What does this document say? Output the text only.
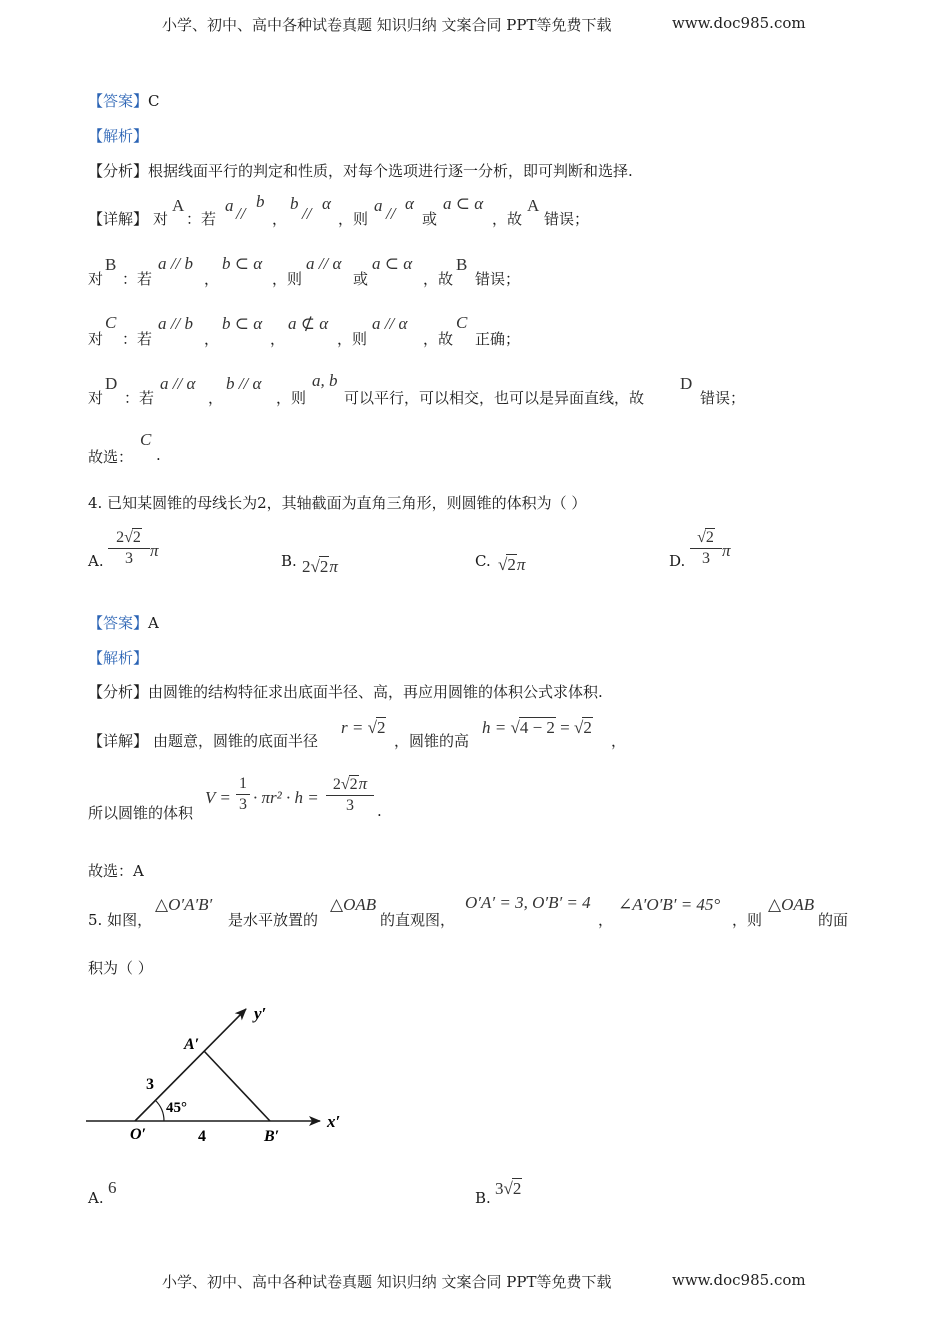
小学、初中、高中各种试卷真题 知识归纳 文案合同 PPT等免费下载	www.doc985.com
【答案】C
【解析】
【分析】根据线面平行的判定和性质，对每个选项进行逐一分析，即可判断和选择.
【详解】 对
A
：若
a //
b
，
b
//
α
，则
a //
α
或
a ⊂ α
，故
A
错误；
对
B
：若
a // b
，
b ⊂ α
，则
a // α
或
a ⊂ α
，故
B
错误；
对
C
：若
a // b
，
b ⊂ α
，
a ⊄ α
，则
a // α
，故
C
正确；
对
D
：若
a // α
，
b // α
，则
a, b
可以平行，可以相交，也可以是异面直线，故
D
错误；
故选：
C
.
4. 已知某圆锥的母线长为2，其轴截面为直角三角形，则圆锥的体积为（ ）
A.
2√2
3	π
B. 2√2π	C. √2π	D.
√2
3 π
【答案】A
【解析】
【分析】由圆锥的结构特征求出底面半径、高，再应用圆锥的体积公式求体积.
【详解】 由题意，圆锥的底面半径
r = √2
，圆锥的高
h = √4 − 2 = √2
，
所以圆锥的体积
V =
1
3 · πr² · h =
2√2π
3	.
故选：A
5. 如图，
△O′A′B′
是水平放置的
△OAB
的直观图，
O′A′ = 3, O′B′ = 4
，
∠A′O′B′ = 45°
，则
△OAB
的面
积为（ ）
y′
x′
A′
O′	B′
3
4
45°
A.
6
B. 3√2
小学、初中、高中各种试卷真题 知识归纳 文案合同 PPT等免费下载	www.doc985.com
